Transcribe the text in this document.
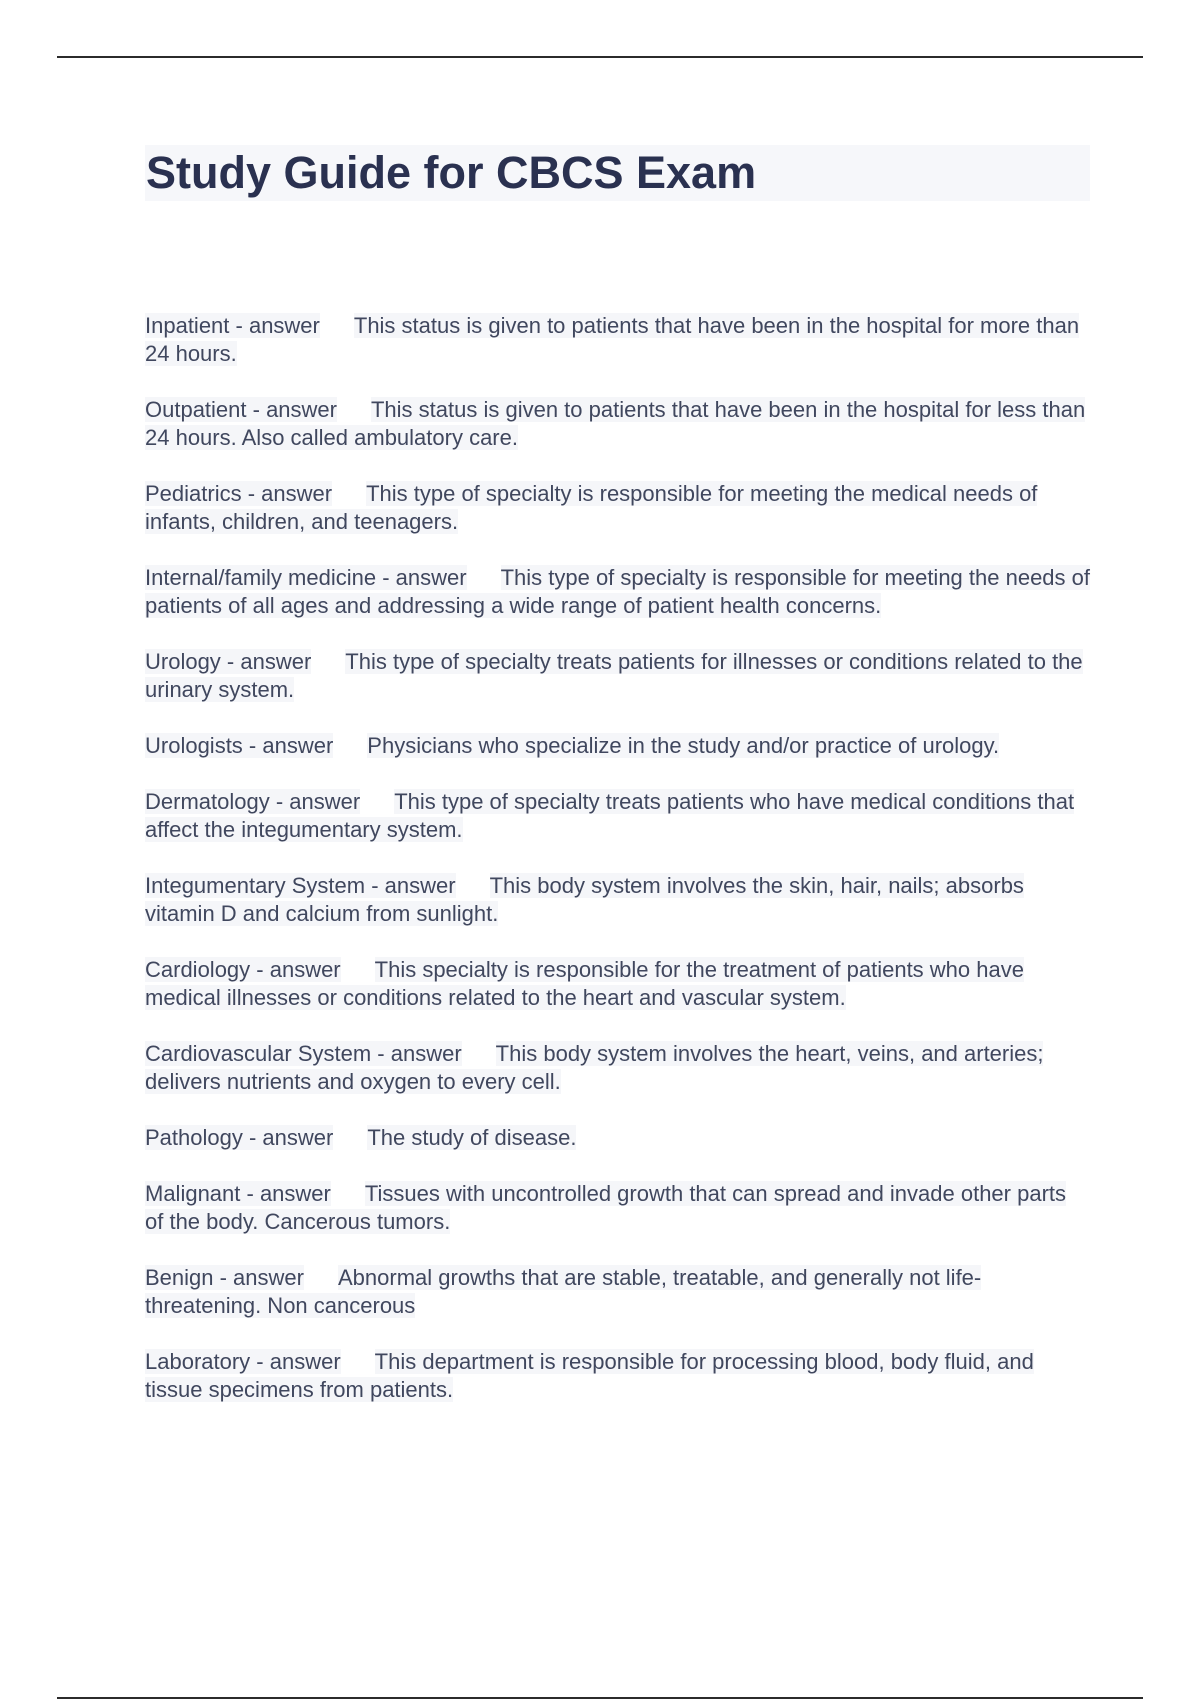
Study Guide for CBCS Exam

Inpatient - answer This status is given to patients that have been in the hospital for more than 24 hours.

Outpatient - answer This status is given to patients that have been in the hospital for less than 24 hours. Also called ambulatory care.

Pediatrics - answer This type of specialty is responsible for meeting the medical needs of infants, children, and teenagers.

Internal/family medicine - answer This type of specialty is responsible for meeting the needs of patients of all ages and addressing a wide range of patient health concerns.

Urology - answer This type of specialty treats patients for illnesses or conditions related to the urinary system.

Urologists - answer Physicians who specialize in the study and/or practice of urology.

Dermatology - answer This type of specialty treats patients who have medical conditions that affect the integumentary system.

Integumentary System - answer This body system involves the skin, hair, nails; absorbs vitamin D and calcium from sunlight.

Cardiology - answer This specialty is responsible for the treatment of patients who have medical illnesses or conditions related to the heart and vascular system.

Cardiovascular System - answer This body system involves the heart, veins, and arteries; delivers nutrients and oxygen to every cell.

Pathology - answer The study of disease.

Malignant - answer Tissues with uncontrolled growth that can spread and invade other parts of the body. Cancerous tumors.

Benign - answer Abnormal growths that are stable, treatable, and generally not life-threatening. Non cancerous

Laboratory - answer This department is responsible for processing blood, body fluid, and tissue specimens from patients.
